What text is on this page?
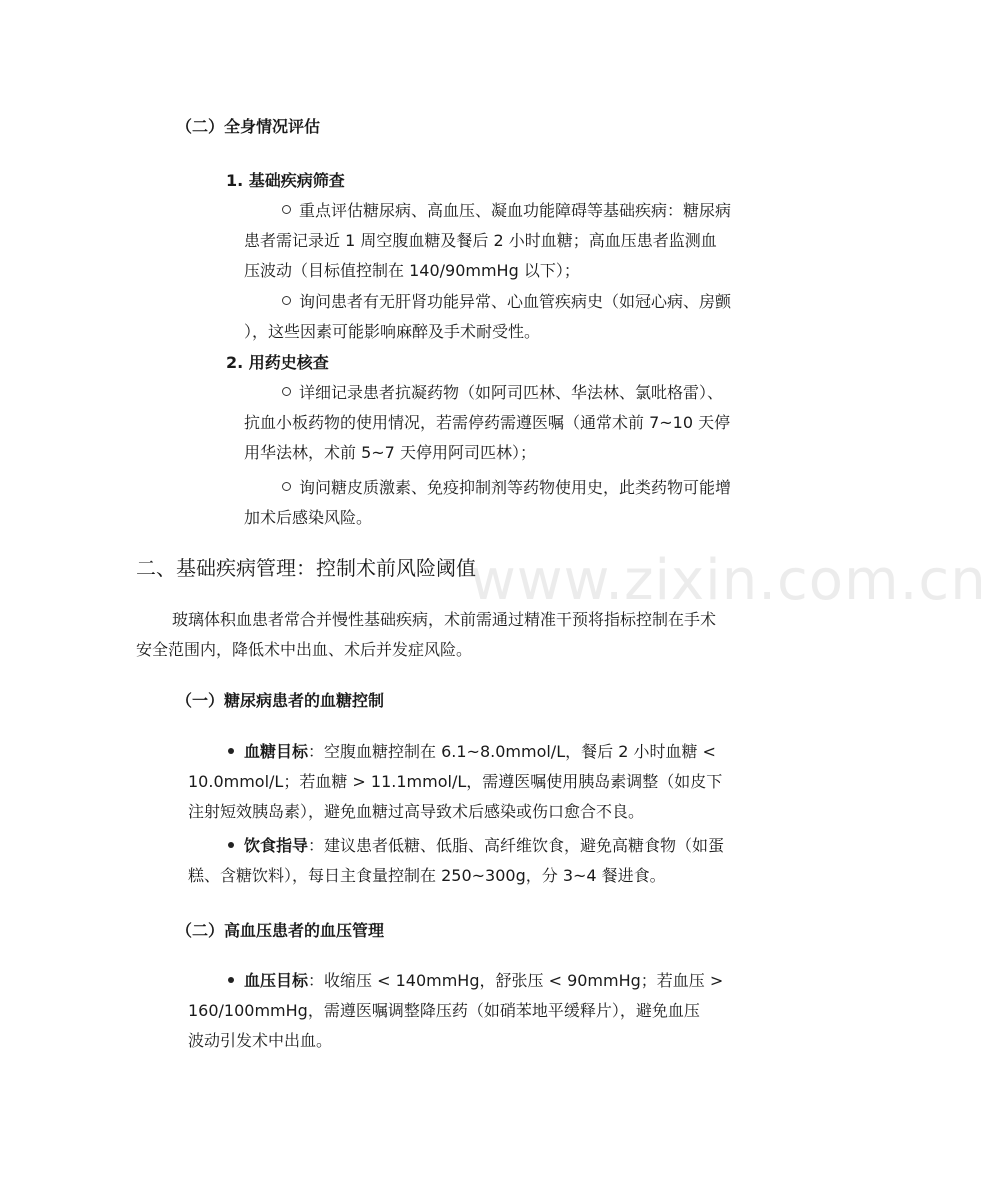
www.zixin.com.cn
（二）全身情况评估
1. 基础疾病筛查
重点评估糖尿病、高血压、凝血功能障碍等基础疾病：糖尿病
患者需记录近 1 周空腹血糖及餐后 2 小时血糖；高血压患者监测血
压波动（目标值控制在 140/90mmHg 以下）；
询问患者有无肝肾功能异常、心血管疾病史（如冠心病、房颤
），这些因素可能影响麻醉及手术耐受性。
2. 用药史核查
详细记录患者抗凝药物（如阿司匹林、华法林、氯吡格雷）、
抗血小板药物的使用情况，若需停药需遵医嘱（通常术前 7~10 天停
用华法林，术前 5~7 天停用阿司匹林）；
询问糖皮质激素、免疫抑制剂等药物使用史，此类药物可能增
加术后感染风险。
二、基础疾病管理：控制术前风险阈值
玻璃体积血患者常合并慢性基础疾病，术前需通过精准干预将指标控制在手术
安全范围内，降低术中出血、术后并发症风险。
（一）糖尿病患者的血糖控制
血糖目标：空腹血糖控制在 6.1~8.0mmol/L，餐后 2 小时血糖 <
10.0mmol/L；若血糖 > 11.1mmol/L，需遵医嘱使用胰岛素调整（如皮下
注射短效胰岛素），避免血糖过高导致术后感染或伤口愈合不良。
饮食指导：建议患者低糖、低脂、高纤维饮食，避免高糖食物（如蛋
糕、含糖饮料），每日主食量控制在 250~300g，分 3~4 餐进食。
（二）高血压患者的血压管理
血压目标：收缩压 < 140mmHg，舒张压 < 90mmHg；若血压 >
160/100mmHg，需遵医嘱调整降压药（如硝苯地平缓释片），避免血压
波动引发术中出血。
